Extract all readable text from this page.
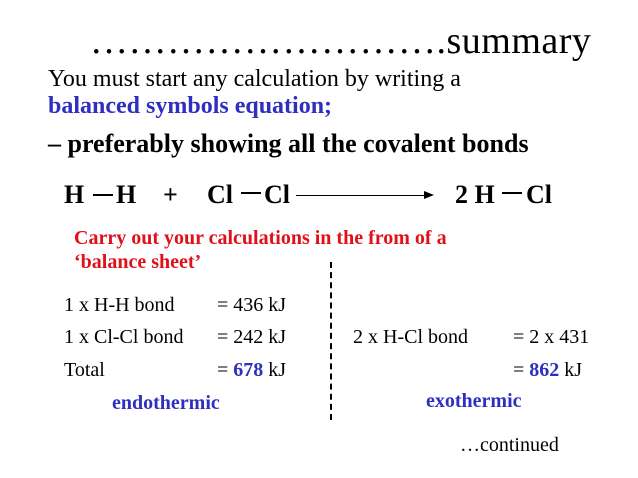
……………………….summary
You must start any calculation by writing a
balanced symbols equation;
– preferably showing all the covalent bonds
H H + Cl Cl	2 H Cl
Carry out your calculations in the from of a
‘balance sheet’
1 x H-H bond = 436 kJ
1 x Cl-Cl bond = 242 kJ
Total	= 678 kJ
endothermic
2 x H-Cl bond = 2 x 431
= 862 kJ
exothermic
…continued
